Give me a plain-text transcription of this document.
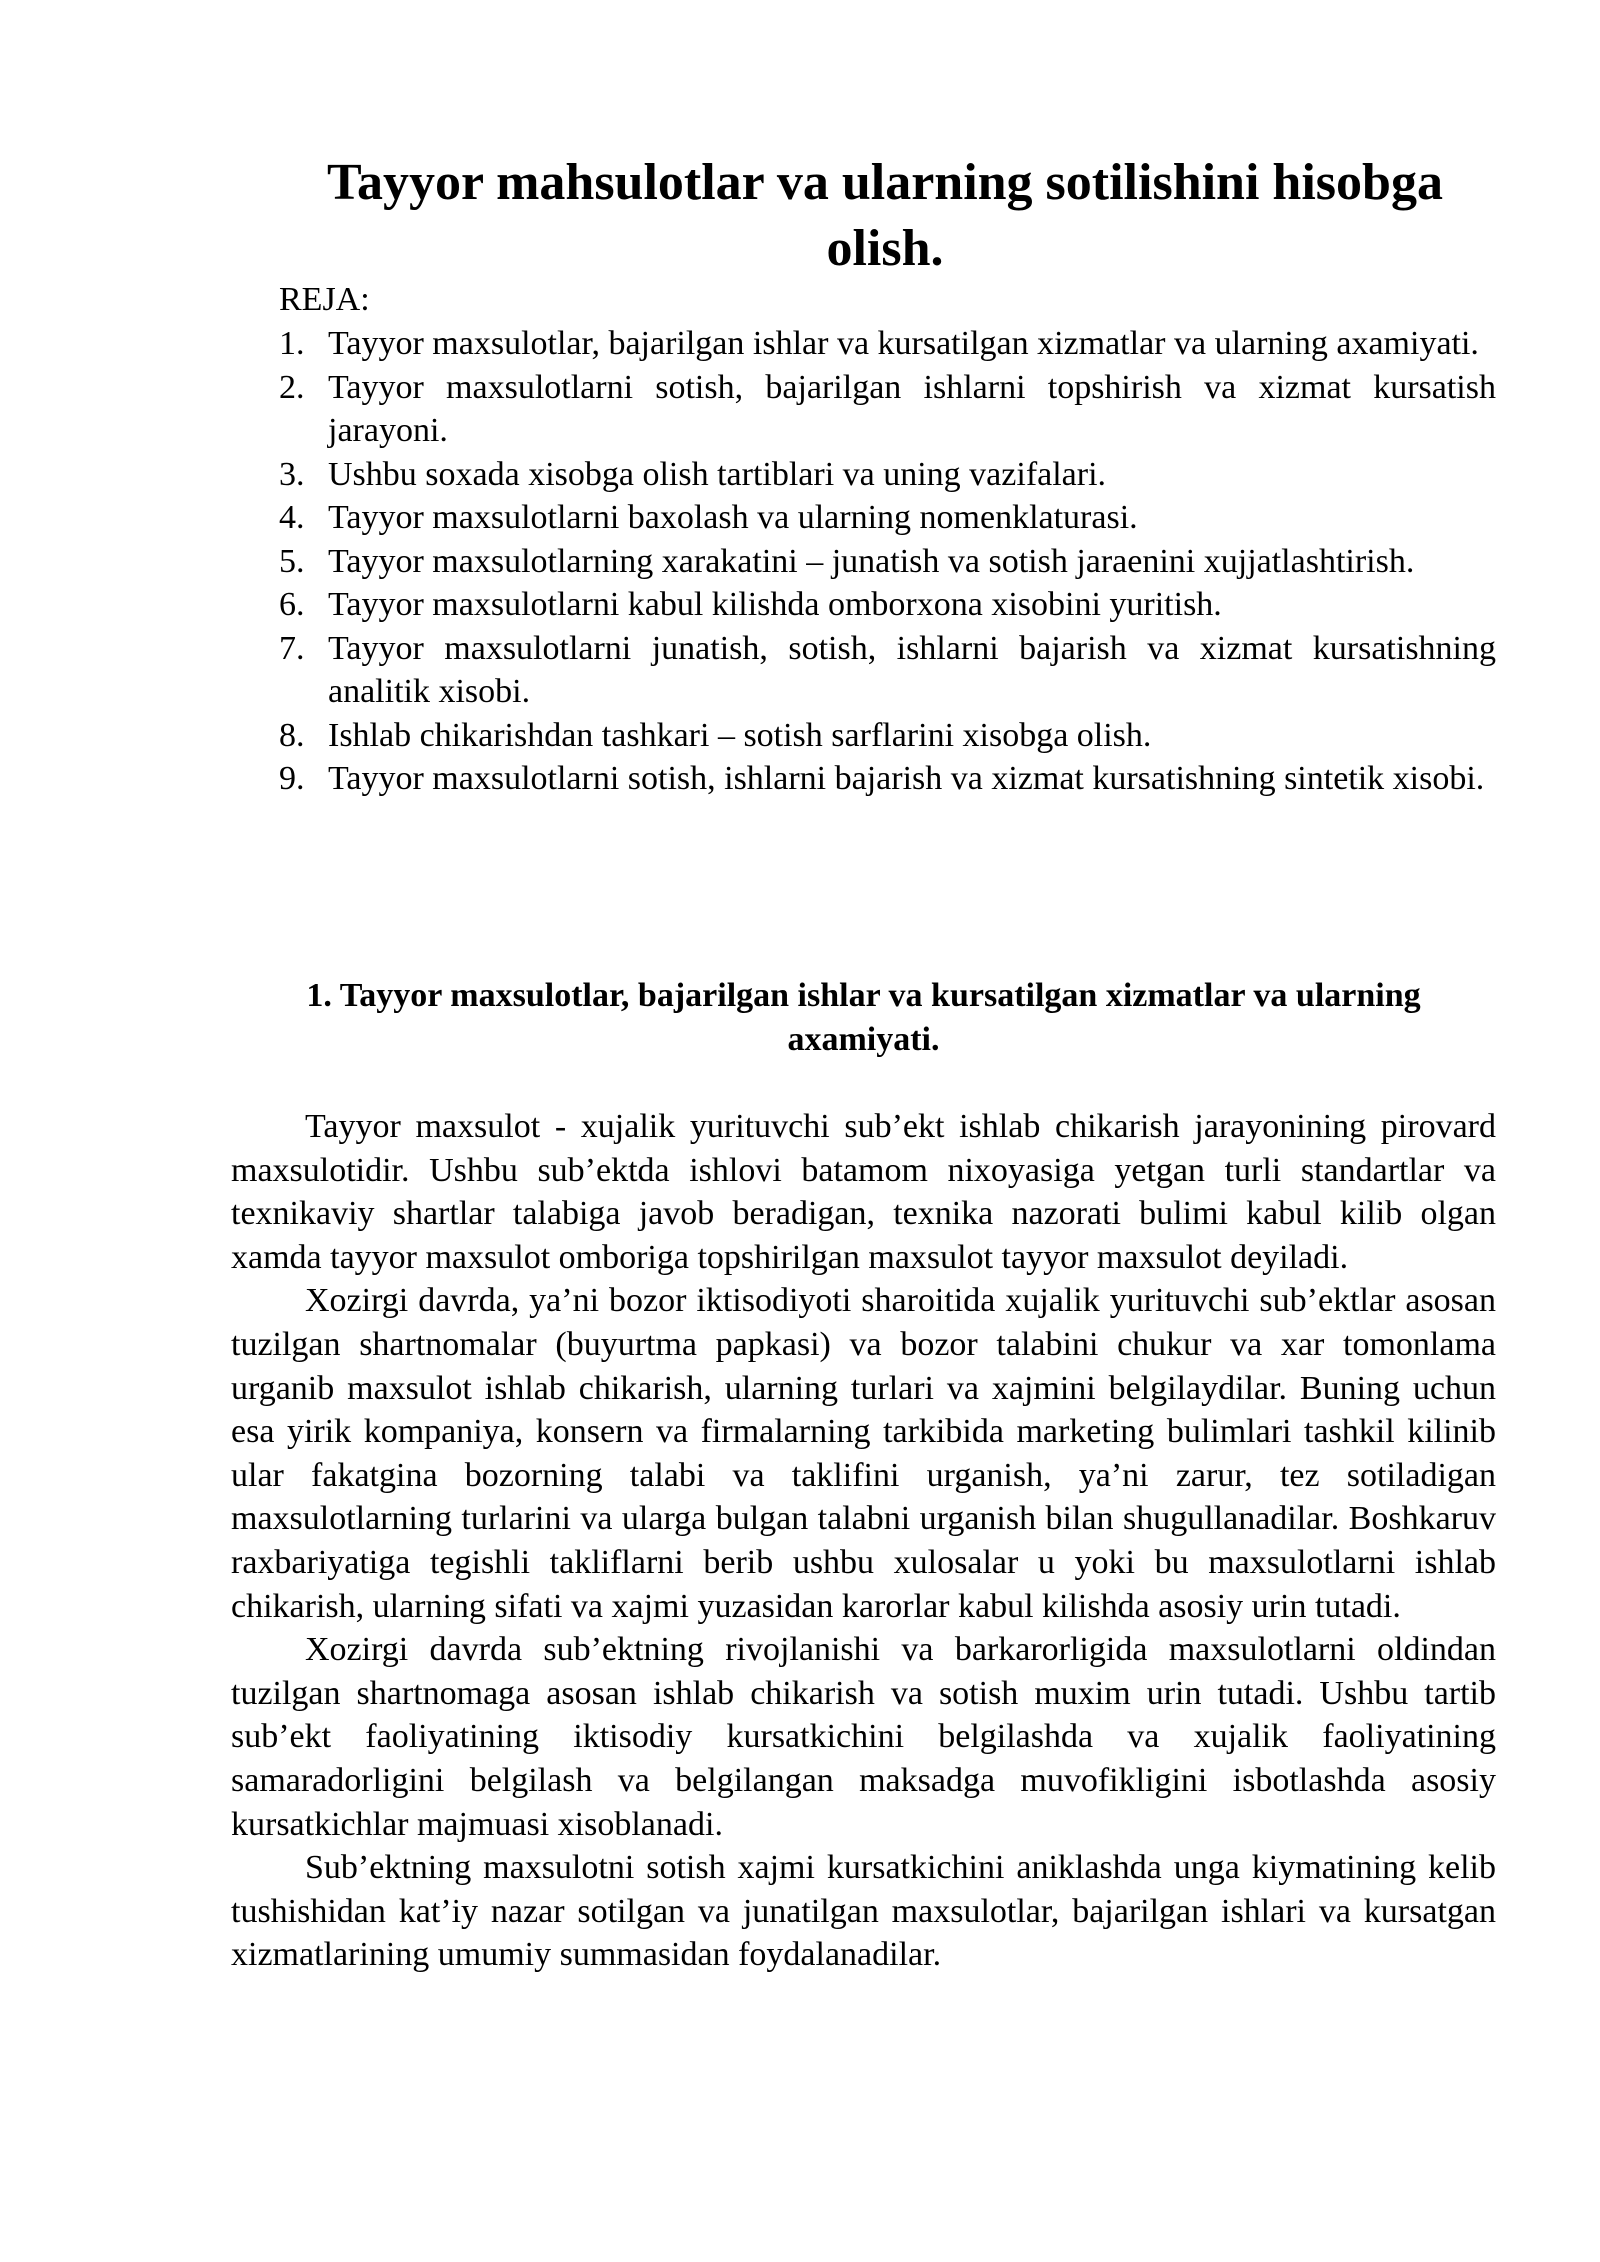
Tayyor mahsulotlar va ularning sotilishini hisobga olish.

REJA:

1. Tayyor maxsulotlar, bajarilgan ishlar va kursatilgan xizmatlar va ularning axamiyati.
2. Tayyor maxsulotlarni sotish, bajarilgan ishlarni topshirish va xizmat kursatish jarayoni.
3. Ushbu soxada xisobga olish tartiblari va uning vazifalari.
4. Tayyor maxsulotlarni baxolash va ularning nomenklaturasi.
5. Tayyor maxsulotlarning xarakatini – junatish va sotish jaraenini xujjatlashtirish.
6. Tayyor maxsulotlarni kabul kilishda omborxona xisobini yuritish.
7. Tayyor maxsulotlarni junatish, sotish, ishlarni bajarish va xizmat kursatishning analitik xisobi.
8. Ishlab chikarishdan tashkari – sotish sarflarini xisobga olish.
9. Tayyor maxsulotlarni sotish, ishlarni bajarish va xizmat kursatishning sintetik xisobi.
1. Tayyor maxsulotlar, bajarilgan ishlar va kursatilgan xizmatlar va ularning axamiyati.

Tayyor maxsulot - xujalik yurituvchi sub’ekt ishlab chikarish jarayonining pirovard maxsulotidir. Ushbu sub’ektda ishlovi batamom nixoyasiga yetgan turli standartlar va texnikaviy shartlar talabiga javob beradigan, texnika nazorati bulimi kabul kilib olgan xamda tayyor maxsulot omboriga topshirilgan maxsulot tayyor maxsulot deyiladi.

Xozirgi davrda, ya’ni bozor iktisodiyoti sharoitida xujalik yurituvchi sub’ektlar asosan tuzilgan shartnomalar (buyurtma papkasi) va bozor talabini chukur va xar tomonlama urganib maxsulot ishlab chikarish, ularning turlari va xajmini belgilaydilar. Buning uchun esa yirik kompaniya, konsern va firmalarning tarkibida marketing bulimlari tashkil kilinib ular fakatgina bozorning talabi va taklifini urganish, ya’ni zarur, tez sotiladigan maxsulotlarning turlarini va ularga bulgan talabni urganish bilan shugullanadilar. Boshkaruv raxbariyatiga tegishli takliflarni berib ushbu xulosalar u yoki bu maxsulotlarni ishlab chikarish, ularning sifati va xajmi yuzasidan karorlar kabul kilishda asosiy urin tutadi.

Xozirgi davrda sub’ektning rivojlanishi va barkarorligida maxsulotlarni oldindan tuzilgan shartnomaga asosan ishlab chikarish va sotish muxim urin tutadi. Ushbu tartib sub’ekt faoliyatining iktisodiy kursatkichini belgilashda va xujalik faoliyatining samaradorligini belgilash va belgilangan maksadga muvofikligini isbotlashda asosiy kursatkichlar majmuasi xisoblanadi.

Sub’ektning maxsulotni sotish xajmi kursatkichini aniklashda unga kiymatining kelib tushishidan kat’iy nazar sotilgan va junatilgan maxsulotlar, bajarilgan ishlari va kursatgan xizmatlarining umumiy summasidan foydalanadilar.
